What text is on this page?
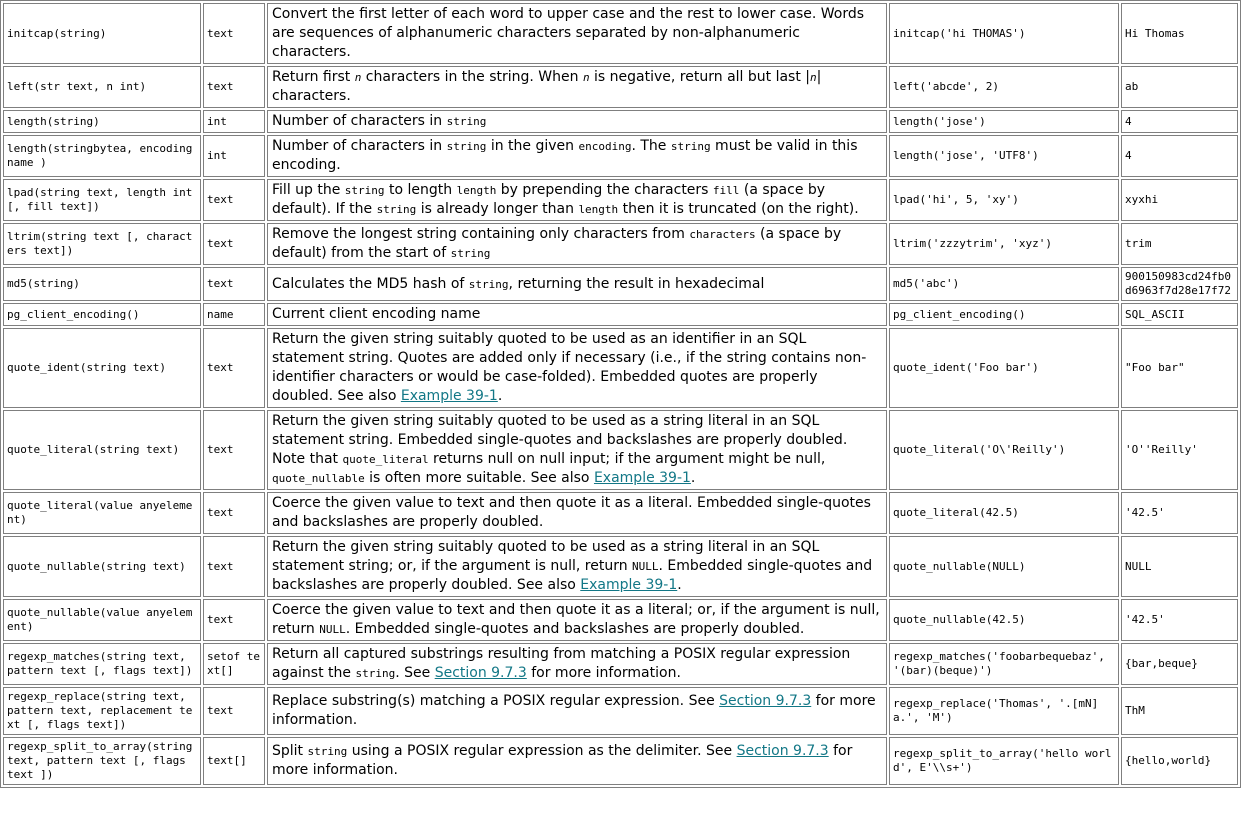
initcap(string)	text	Convert the first letter of each word to upper case and the rest to lower case. Words are sequences of alphanumeric characters separated by non-alphanumeric characters.	initcap('hi THOMAS')	Hi Thomas
left(str text, n int)	text	Return first n characters in the string. When n is negative, return all but last |n| characters.	left('abcde', 2)	ab
length(string)	int	Number of characters in string	length('jose')	4
length(stringbytea, encoding name )	int	Number of characters in string in the given encoding. The string must be valid in this encoding.	length('jose', 'UTF8')	4
lpad(string text, length int [, fill text])	text	Fill up the string to length length by prepending the characters fill (a space by default). If the string is already longer than length then it is truncated (on the right).	lpad('hi', 5, 'xy')	xyxhi
ltrim(string text [, characters text])	text	Remove the longest string containing only characters from characters (a space by default) from the start of string	ltrim('zzzytrim', 'xyz')	trim
md5(string)	text	Calculates the MD5 hash of string, returning the result in hexadecimal	md5('abc')	900150983cd24fb0d6963f7d28e17f72
pg_client_encoding()	name	Current client encoding name	pg_client_encoding()	SQL_ASCII
quote_ident(string text)	text	Return the given string suitably quoted to be used as an identifier in an SQL statement string. Quotes are added only if necessary (i.e., if the string contains non-identifier characters or would be case-folded). Embedded quotes are properly doubled. See also Example 39-1.	quote_ident('Foo bar')	"Foo bar"
quote_literal(string text)	text	Return the given string suitably quoted to be used as a string literal in an SQL statement string. Embedded single-quotes and backslashes are properly doubled. Note that quote_literal returns null on null input; if the argument might be null, quote_nullable is often more suitable. See also Example 39-1.	quote_literal('O\'Reilly')	'O''Reilly'
quote_literal(value anyelement)	text	Coerce the given value to text and then quote it as a literal. Embedded single-quotes and backslashes are properly doubled.	quote_literal(42.5)	'42.5'
quote_nullable(string text)	text	Return the given string suitably quoted to be used as a string literal in an SQL statement string; or, if the argument is null, return NULL. Embedded single-quotes and backslashes are properly doubled. See also Example 39-1.	quote_nullable(NULL)	NULL
quote_nullable(value anyelement)	text	Coerce the given value to text and then quote it as a literal; or, if the argument is null, return NULL. Embedded single-quotes and backslashes are properly doubled.	quote_nullable(42.5)	'42.5'
regexp_matches(string text, pattern text [, flags text])	setof text[]	Return all captured substrings resulting from matching a POSIX regular expression against the string. See Section 9.7.3 for more information.	regexp_matches('foobarbequebaz', '(bar)(beque)')	{bar,beque}
regexp_replace(string text, pattern text, replacement text [, flags text])	text	Replace substring(s) matching a POSIX regular expression. See Section 9.7.3 for more information.	regexp_replace('Thomas', '.[mN]a.', 'M')	ThM
regexp_split_to_array(string text, pattern text [, flags text ])	text[]	Split string using a POSIX regular expression as the delimiter. See Section 9.7.3 for more information.	regexp_split_to_array('hello world', E'\\s+')	{hello,world}
